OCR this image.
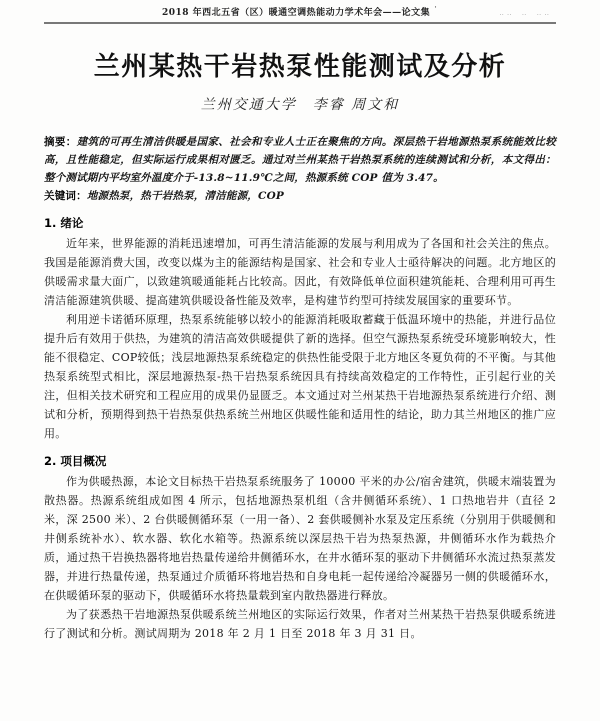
2018 年西北五省（区）暖通空调热能动力学术年会——论文集 ˙	‥‥ ‥ ‥‥
兰州某热干岩热泵性能测试及分析
兰州交通大学　李睿 周文和

摘要：建筑的可再生清洁供暖是国家、社会和专业人士正在聚焦的方向。深层热干岩地源热泵系统能效比较高，且性能稳定，但实际运行成果相对匮乏。通过对兰州某热干岩热泵系统的连续测试和分析，本文得出：整个测试期内平均室外温度介于-13.8~11.9℃之间，热源系统 COP 值为 3.47。

关键词：地源热泵，热干岩热泵，清洁能源，COP

1. 绪论

近年来，世界能源的消耗迅速增加，可再生清洁能源的发展与利用成为了各国和社会关注的焦点。我国是能源消费大国，改变以煤为主的能源结构是国家、社会和专业人士亟待解决的问题。北方地区的供暖需求量大面广，以致建筑暖通能耗占比较高。因此，有效降低单位面积建筑能耗、合理利用可再生清洁能源建筑供暖、提高建筑供暖设备性能及效率，是构建节约型可持续发展国家的重要环节。

利用逆卡诺循环原理，热泵系统能够以较小的能源消耗吸取蓄藏于低温环境中的热能，并进行品位提升后有效用于供热，为建筑的清洁高效供暖提供了新的选择。但空气源热泵系统受环境影响较大，性能不很稳定、COP较低；浅层地源热泵系统稳定的供热性能受限于北方地区冬夏负荷的不平衡。与其他热泵系统型式相比，深层地源热泵-热干岩热泵系统因具有持续高效稳定的工作特性，正引起行业的关注，但相关技术研究和工程应用的成果仍显匮乏。本文通过对兰州某热干岩地源热泵系统进行介绍、测试和分析，预期得到热干岩热泵供热系统兰州地区供暖性能和适用性的结论，助力其兰州地区的推广应用。

2. 项目概况

作为供暖热源，本论文目标热干岩热泵系统服务了 10000 平米的办公/宿舍建筑，供暖末端装置为散热器。热源系统组成如图 4 所示，包括地源热泵机组（含井侧循环系统）、1 口热地岩井（直径 2 米，深 2500 米）、2 台供暖侧循环泵（一用一备）、2 套供暖侧补水泵及定压系统（分别用于供暖侧和井侧系统补水）、软水器、软化水箱等。热源系统以深层热干岩为热泵热源，井侧循环水作为载热介质，通过热干岩换热器将地岩热量传递给井侧循环水，在井水循环泵的驱动下井侧循环水流过热泵蒸发器，并进行热量传递，热泵通过介质循环将地岩热和自身电耗一起传递给冷凝器另一侧的供暖循环水，在供暖循环泵的驱动下，供暖循环水将热量载到室内散热器进行释放。

为了获悉热干岩地源热泵供暖系统兰州地区的实际运行效果，作者对兰州某热干岩热泵供暖系统进行了测试和分析。测试周期为 2018 年 2 月 1 日至 2018 年 3 月 31 日。
